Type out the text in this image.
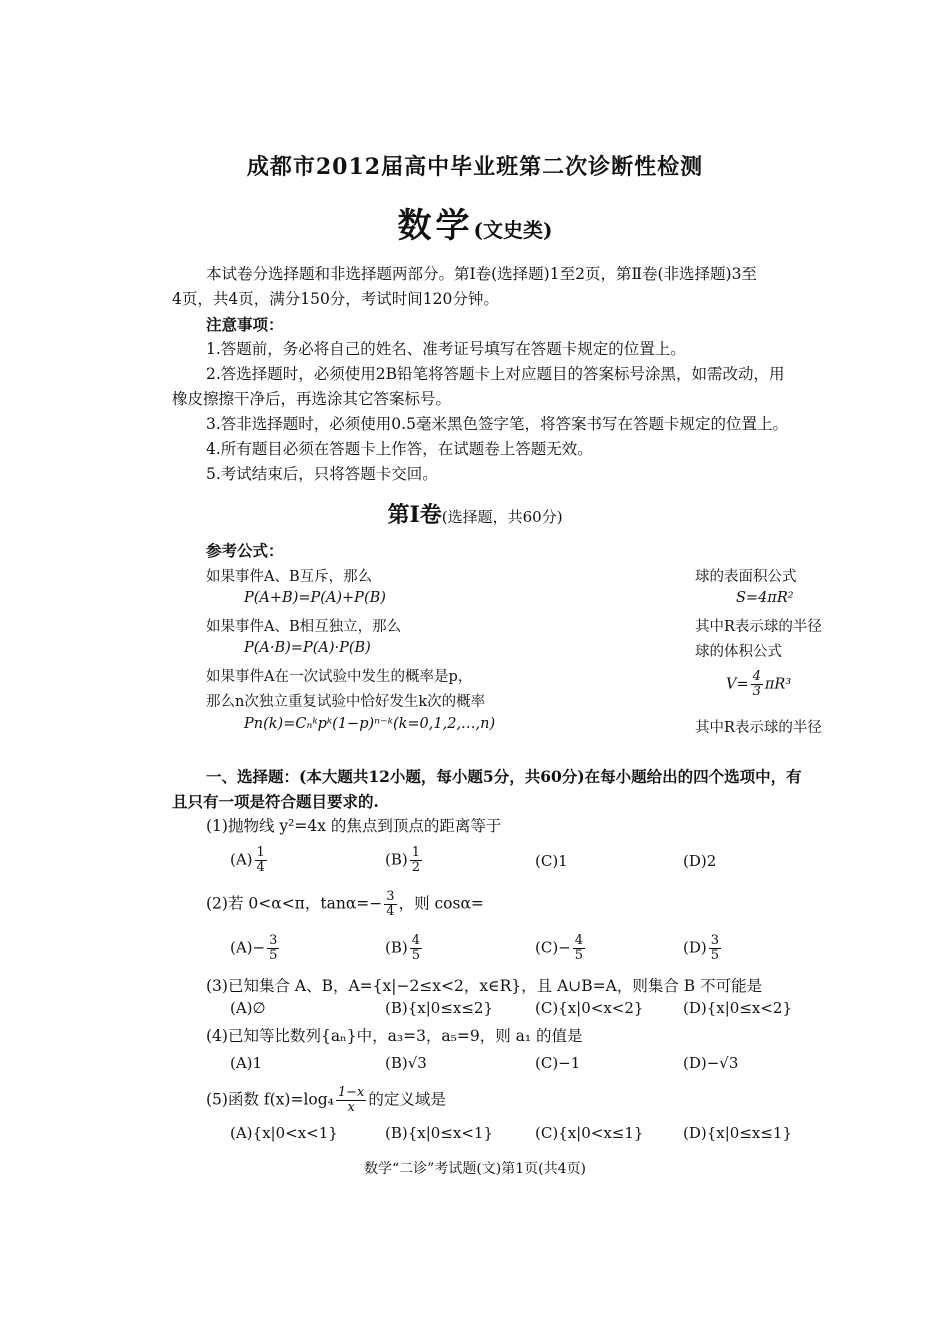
成都市2012届高中毕业班第二次诊断性检测
数学(文史类)
本试卷分选择题和非选择题两部分。第Ⅰ卷(选择题)1至2页，第Ⅱ卷(非选择题)3至
4页，共4页，满分150分，考试时间120分钟。
注意事项：
1.答题前，务必将自己的姓名、准考证号填写在答题卡规定的位置上。
2.答选择题时，必须使用2B铅笔将答题卡上对应题目的答案标号涂黑，如需改动，用
橡皮擦擦干净后，再选涂其它答案标号。
3.答非选择题时，必须使用0.5毫米黑色签字笔，将答案书写在答题卡规定的位置上。
4.所有题目必须在答题卡上作答，在试题卷上答题无效。
5.考试结束后，只将答题卡交回。
第Ⅰ卷(选择题，共60分)
参考公式：
如果事件A、B互斥，那么
P(A+B)=P(A)+P(B)
如果事件A、B相互独立，那么
P(A·B)=P(A)·P(B)
如果事件A在一次试验中发生的概率是p，
那么n次独立重复试验中恰好发生k次的概率
Pn(k)=Cₙᵏpᵏ(1−p)ⁿ⁻ᵏ(k=0,1,2,…,n)
球的表面积公式
S=4πR²
其中R表示球的半径
球的体积公式
$V= \frac{4}{3} \pi R^3$
其中R表示球的半径
一、选择题：(本大题共12小题，每小题5分，共60分)在每小题给出的四个选项中，有
且只有一项是符合题目要求的.
(1)抛物线 y²=4x 的焦点到顶点的距离等于
$(A) \frac{1}{4}$	$(B) \frac{1}{2}$	(C)1	(D)2
(2)若 0<α<π，$\tan\alpha=- \frac{3}{4}$ ，则 cosα=
$(A)- \frac{3}{5}$	$(B) \frac{4}{5}$	$(C)- \frac{4}{5}$	$(D) \frac{3}{5}$
(3)已知集合 A、B，A={x|−2≤x<2，x∈R}，且 A∪B=A，则集合 B 不可能是
(A)∅	(B){x|0≤x≤2}	(C){x|0<x<2}	(D){x|0≤x<2}
(4)已知等比数列{aₙ}中，a₃=3，a₅=9，则 a₁ 的值是
(A)1	(B)√3	(C)−1	(D)−√3
(5)函数 $f(x)=\log_4 \frac{1-x}{x}$ 的定义域是
(A){x|0<x<1}	(B){x|0≤x<1}	(C){x|0<x≤1}	(D){x|0≤x≤1}
数学“二诊”考试题(文)第1页(共4页)
